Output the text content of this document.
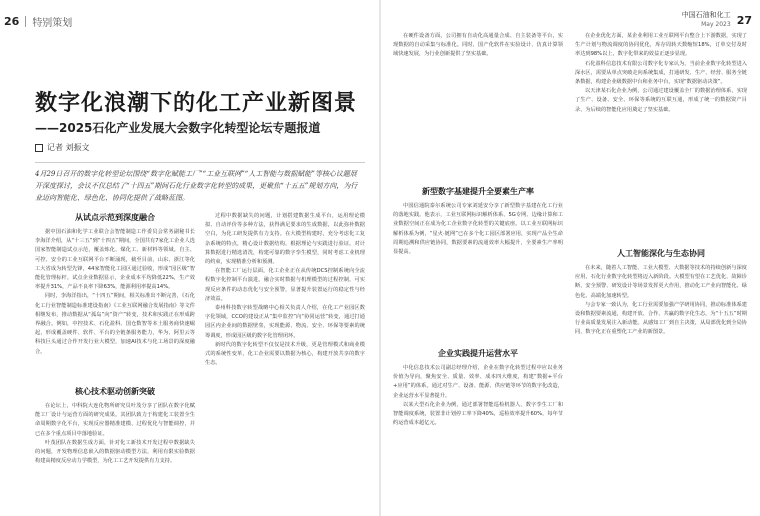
26 特别策划
中国石油和化工
May 2023 27
数字化浪潮下的化工产业新图景
——2025石化产业发展大会数字化转型论坛专题报道
记者 刘振文
4月29日召开的数字化转型论坛围绕“数字化赋能工厂”“工业互联网”“人工智能与数据赋能”等核心议题展开深度探讨，会议不仅总结了“十四五”期间石化行业数字化转型的成果，更聚焦“十五五”规划方向，为行业迈向智能化、绿色化、协同化提供了战略蓝图。
从试点示范到深度融合

据中国石油和化学工业联合会智能制造工作委员会常务副秘书长李海洋介绍，从“十三五”到“十四五”期间，全国共有7家化工企业人选国家智能制造试点示范，覆盖炼化、煤化工、新材料等领域。自主、可控、安全的工业互联网平台不断涌现，截至目前，山东、浙江等化工大省成为转型先锋，44家智能化工园区通过验收，形成“园区级”智能化管理标杆。试点企业数据显示，企业成本平均降低22%，生产效率提升31%，产品不良率下降63%，能源利用率提高14%。

同时，李海洋指出，“十四五”期间，相关标准出不断完善，《石化化工行业智能制造标准建设指南》《工业互联网融合发展指南》等文件相继发布，推动数据从“孤岛”向“资产”转变，技术和实践正在形成跨界融合。例如，中控技术、石化盈科、国仓数智等本土服务商快速崛起，形成覆盖硬件、软件、平台的全链条服务能力，华为、阿里云等科技巨头通过合作开发行业大模型，加速AI技术与化工场景的深度融合。

核心技术驱动创新突破

在论坛上，中科院大连化物所研究员叶茂分享了团队在数字化赋能工厂设计与运营方面的研究成果。其团队致力于构建化工装置全生命周期数字化平台，实现反应器精准建模、过程优化与智能调控，并已在多个重点项目中落地验证。

叶茂团队在数据生成方面，针对化工新技术开发过程中数据缺失的问题，开发物理信息嵌入的数据驱动模型方法，利用有限实验数据构建高精度反应动力学模型，为化工工艺开发提供有力支持。

过程中数据缺失的问题，计划搭建数据生成平台，运用理论模拟、自动评价等多种方法，获得满足要求的生成数据，以此弥补数据空白，为化工研发提供有力支持。在大模型构建时，充分考虑化工复杂系统的特点，精心设计数据结构，根据理论与实践进行验证。对计算数据进行精选清洗，构建可靠的数字孪生模型，同时考虑工业机理的约束，实现精准分析和预测。

在智能工厂运行层面，化工企业正在从传统DCS控制系统向全流程数字化控制平台演进。融合实时数据与机理模型的过程控制，可实现反应条件的动态优化与安全预警，显著提升装置运行的稳定性与经济效益。

泰州科技数字转型战略中心相关负责人介绍，在化工产业园区数字化领域，CCO的建设正从“集中监控”向“协同运营”转变，通过打通园区内企业间的数据壁垒，实现能源、物流、安全、环保等要素的统筹调度，形成园区级的数字化管理闭环。

新时代的数字化转型不仅仅是技术升级，更是管理模式和商业模式的系统性变革，化工企业需要以数据为核心，构建开放共享的数字生态。

在硬件设备方面，公司拥有自动化高通量合成、自主装备等平台，实现数据的自动采集与标准化。同时，国产化软件在实验设计、仿真计算领域快速发展，为行业创新提供了坚实基础。

新型数字基建提升全要素生产率

中国信通院泰尔系统公司专家刘延安分享了新型数字基建在化工行业的落地实践。他表示，工业互联网标识解析体系、5G专网、边缘计算和工业数据空间正在成为化工企业数字化转型的关键底座。以工业互联网标识解析体系为例，“星火·链网”已在多个化工园区部署应用，实现产品全生命周期追溯和供应链协同，数据要素的流通效率大幅提升，全要素生产率明显提高。

企业实践提升运营水平

中化信息技术公司副总经理介绍，企业在数字化转型过程中应以业务价值为导向，聚焦安全、质量、效率、成本四大维度，构建“数据+平台+应用”的体系。通过对生产、设备、能源、供应链等环节的数字化改造，企业运营水平显著提升。

以某大型石化企业为例，通过部署智能巡检机器人、数字孪生工厂和智能调度系统，装置非计划停工率下降40%，巡检效率提升60%，每年节约运营成本超亿元。

在企业优化方面，某企业利用工业互联网平台整合上下游数据，实现了生产计划与物流调度的协同优化，库存周转天数缩短18%，订单交付及时率达到98%以上，数字化带来的效益正逐步显现。

石化盈科信息技术有限公司数字化专家认为，当前企业数字化转型进入深水区，需要从单点突破走向系统集成，打通研发、生产、经营、服务全链条数据，构建企业级数据中台和业务中台，实现“数据驱动决策”。

以天津某石化企业为例，公司通过建设覆盖全厂的数据治理体系，实现了生产、设备、安全、环保等系统的互联互通，形成了统一的数据资产目录，为后续的智能化应用奠定了坚实基础。

人工智能深化与生态协同

在未来，随着人工智能、工业大模型、大数据等技术的持续创新与深度应用，石化行业数字化转型将迈入新阶段。大模型有望在工艺优化、故障诊断、安全预警、研发设计等场景发挥更大作用，推动化工产业向智能化、绿色化、高端化加速转型。

与会专家一致认为，化工行业需要加强产学研用协同，推动标准体系建设和数据要素流通，构建开放、合作、共赢的数字化生态，为“十五五”时期行业高质量发展注入新动能。从感知工厂到自主决策，从局部优化到全局协同，数字化正在重塑化工产业的新图景。
